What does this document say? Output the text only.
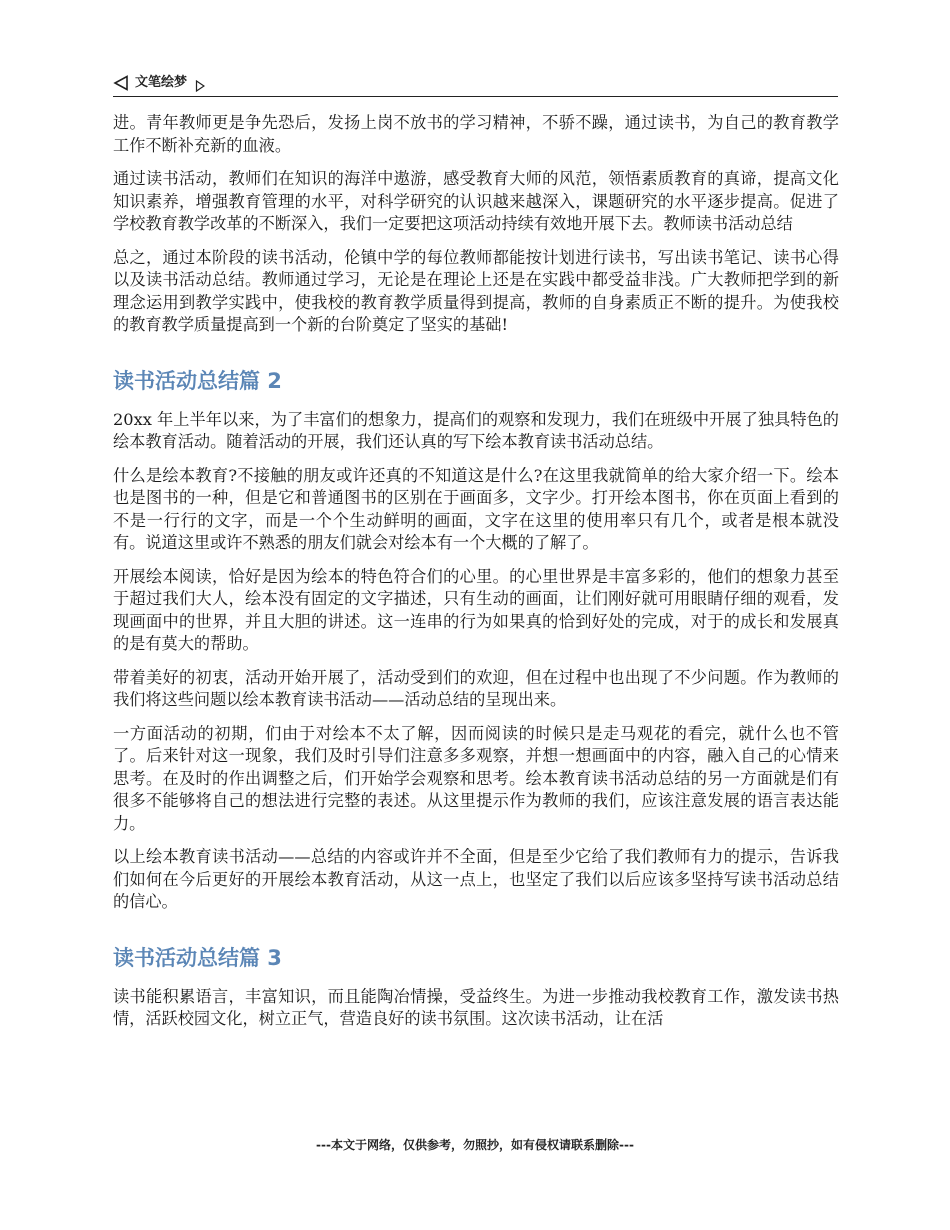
文笔绘梦

进。青年教师更是争先恐后，发扬上岗不放书的学习精神，不骄不躁，通过读书，为自己的教育教学工作不断补充新的血液。

通过读书活动，教师们在知识的海洋中遨游，感受教育大师的风范，领悟素质教育的真谛，提高文化知识素养，增强教育管理的水平，对科学研究的认识越来越深入，课题研究的水平逐步提高。促进了学校教育教学改革的不断深入，我们一定要把这项活动持续有效地开展下去。教师读书活动总结

总之，通过本阶段的读书活动，伦镇中学的每位教师都能按计划进行读书，写出读书笔记、读书心得以及读书活动总结。教师通过学习，无论是在理论上还是在实践中都受益非浅。广大教师把学到的新理念运用到教学实践中，使我校的教育教学质量得到提高，教师的自身素质正不断的提升。为使我校的教育教学质量提高到一个新的台阶奠定了坚实的基础!

读书活动总结篇 2

20xx 年上半年以来，为了丰富们的想象力，提高们的观察和发现力，我们在班级中开展了独具特色的绘本教育活动。随着活动的开展，我们还认真的写下绘本教育读书活动总结。

什么是绘本教育?不接触的朋友或许还真的不知道这是什么?在这里我就简单的给大家介绍一下。绘本也是图书的一种，但是它和普通图书的区别在于画面多，文字少。打开绘本图书，你在页面上看到的不是一行行的文字，而是一个个生动鲜明的画面，文字在这里的使用率只有几个，或者是根本就没有。说道这里或许不熟悉的朋友们就会对绘本有一个大概的了解了。

开展绘本阅读，恰好是因为绘本的特色符合们的心里。的心里世界是丰富多彩的，他们的想象力甚至于超过我们大人，绘本没有固定的文字描述，只有生动的画面，让们刚好就可用眼睛仔细的观看，发现画面中的世界，并且大胆的讲述。这一连串的行为如果真的恰到好处的完成，对于的成长和发展真的是有莫大的帮助。

带着美好的初衷，活动开始开展了，活动受到们的欢迎，但在过程中也出现了不少问题。作为教师的我们将这些问题以绘本教育读书活动——活动总结的呈现出来。

一方面活动的初期，们由于对绘本不太了解，因而阅读的时候只是走马观花的看完，就什么也不管了。后来针对这一现象，我们及时引导们注意多多观察，并想一想画面中的内容，融入自己的心情来思考。在及时的作出调整之后，们开始学会观察和思考。绘本教育读书活动总结的另一方面就是们有很多不能够将自己的想法进行完整的表述。从这里提示作为教师的我们，应该注意发展的语言表达能力。

以上绘本教育读书活动——总结的内容或许并不全面，但是至少它给了我们教师有力的提示，告诉我们如何在今后更好的开展绘本教育活动，从这一点上，也坚定了我们以后应该多坚持写读书活动总结的信心。

读书活动总结篇 3

读书能积累语言，丰富知识，而且能陶冶情操，受益终生。为进一步推动我校教育工作，激发读书热情，活跃校园文化，树立正气，营造良好的读书氛围。这次读书活动，让在活

---本文于网络，仅供参考，勿照抄，如有侵权请联系删除---
